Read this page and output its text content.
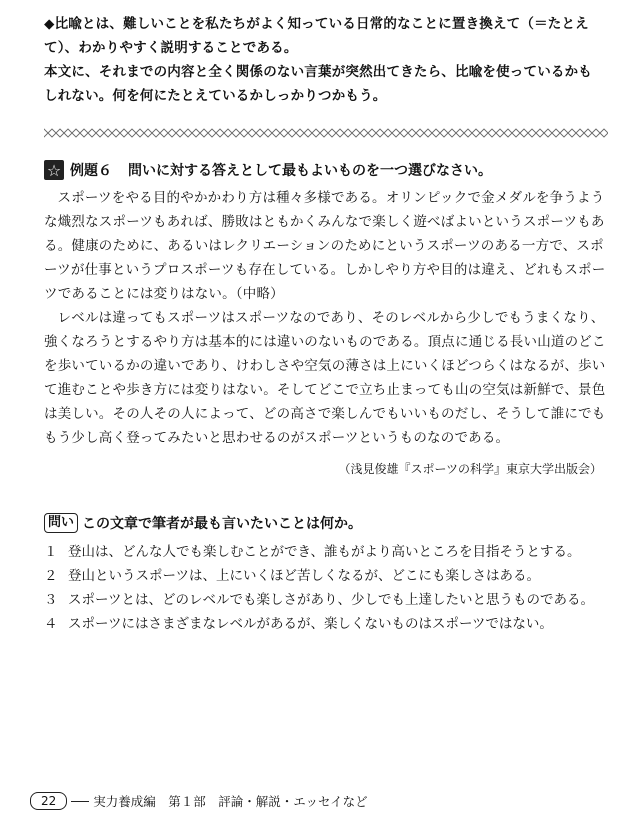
◆比喩とは、難しいことを私たちがよく知っている日常的なことに置き換えて（＝たとえて）、わかりやすく説明することである。
本文に、それまでの内容と全く関係のない言葉が突然出てきたら、比喩を使っているかもしれない。何を何にたとえているかしっかりつかもう。
☆ 例題６ 問いに対する答えとして最もよいものを一つ選びなさい。

スポーツをやる目的やかかわり方は種々多様である。オリンピックで金メダルを争うような熾烈なスポーツもあれば、勝敗はともかくみんなで楽しく遊べばよいというスポーツもある。健康のために、あるいはレクリエーションのためにというスポーツのある一方で、スポーツが仕事というプロスポーツも存在している。しかしやり方や目的は違え、どれもスポーツであることには変りはない。（中略）

レベルは違ってもスポーツはスポーツなのであり、そのレベルから少しでもうまくなり、強くなろうとするやり方は基本的には違いのないものである。頂点に通じる長い山道のどこを歩いているかの違いであり、けわしさや空気の薄さは上にいくほどつらくはなるが、歩いて進むことや歩き方には変りはない。そしてどこで立ち止まっても山の空気は新鮮で、景色は美しい。その人その人によって、どの高さで楽しんでもいいものだし、そうして誰にでももう少し高く登ってみたいと思わせるのがスポーツというものなのである。

（浅見俊雄『スポーツの科学』東京大学出版会）
問い この文章で筆者が最も言いたいことは何か。
１ 登山は、どんな人でも楽しむことができ、誰もがより高いところを目指そうとする。
２ 登山というスポーツは、上にいくほど苦しくなるが、どこにも楽しさはある。
３ スポーツとは、どのレベルでも楽しさがあり、少しでも上達したいと思うものである。
４ スポーツにはさまざまなレベルがあるが、楽しくないものはスポーツではない。
22	実力養成編　第１部　評論・解説・エッセイなど
